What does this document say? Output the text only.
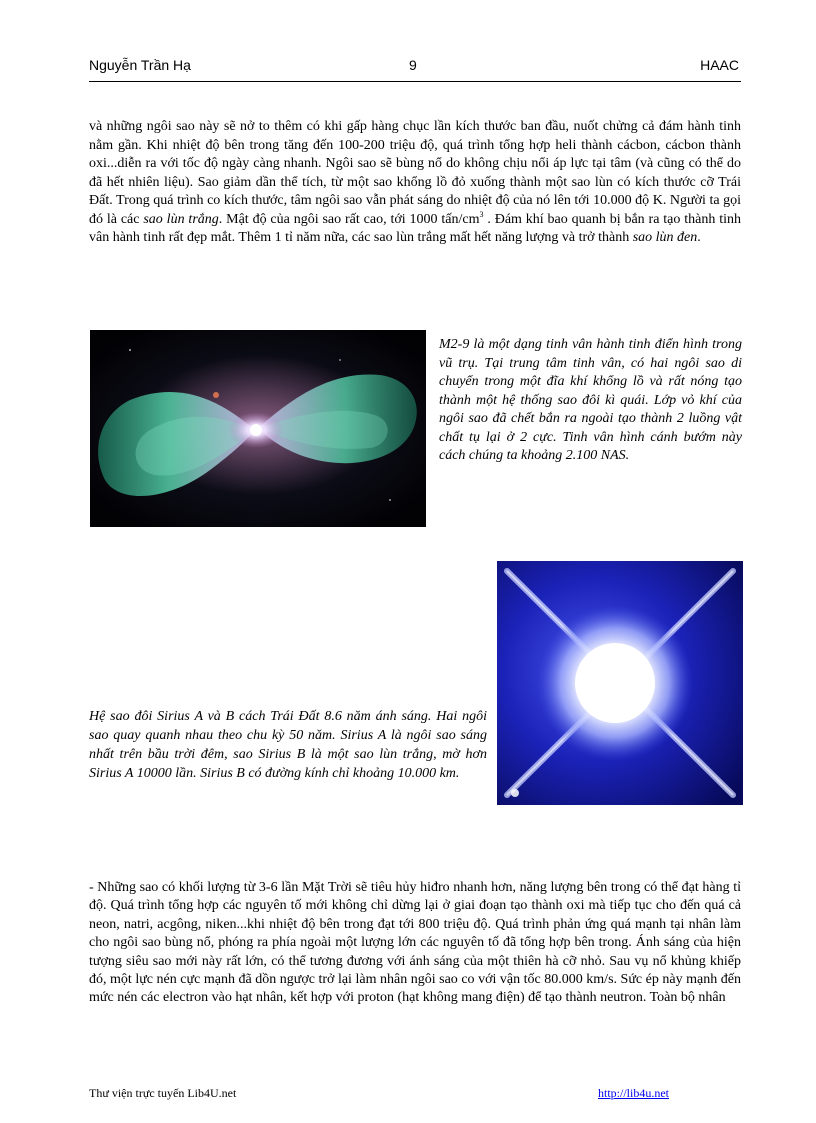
Nguyễn Trần Hạ	9	HAAC

và những ngôi sao này sẽ nở to thêm có khi gấp hàng chục lần kích thước ban đầu, nuốt chửng cả đám hành tinh nằm gần. Khi nhiệt độ bên trong tăng đến 100-200 triệu độ, quá trình tổng hợp heli thành cácbon, cácbon thành oxi...diễn ra với tốc độ ngày càng nhanh. Ngôi sao sẽ bùng nổ do không chịu nổi áp lực tại tâm (và cũng có thể do đã hết nhiên liệu). Sao giảm dần thể tích, từ một sao khổng lồ đỏ xuống thành một sao lùn có kích thước cỡ Trái Đất. Trong quá trình co kích thước, tâm ngôi sao vẫn phát sáng do nhiệt độ của nó lên tới 10.000 độ K. Người ta gọi đó là các sao lùn trắng. Mật độ của ngôi sao rất cao, tới 1000 tấn/$cm^3$ . Đám khí bao quanh bị bắn ra tạo thành tinh vân hành tinh rất đẹp mắt. Thêm 1 tỉ năm nữa, các sao lùn trắng mất hết năng lượng và trở thành sao lùn đen.

M2-9 là một dạng tinh vân hành tinh điển hình trong vũ trụ. Tại trung tâm tinh vân, có hai ngôi sao di chuyển trong một đĩa khí khổng lồ và rất nóng tạo thành một hệ thống sao đôi kì quái. Lớp vỏ khí của ngôi sao đã chết bắn ra ngoài tạo thành 2 luồng vật chất tụ lại ở 2 cực. Tinh vân hình cánh bướm này cách chúng ta khoảng 2.100 NAS.

Hệ sao đôi Sirius A và B cách Trái Đất 8.6 năm ánh sáng. Hai ngôi sao quay quanh nhau theo chu kỳ 50 năm. Sirius A là ngôi sao sáng nhất trên bầu trời đêm, sao Sirius B là một sao lùn trắng, mờ hơn Sirius A 10000 lần. Sirius B có đường kính chỉ khoảng 10.000 km.

- Những sao có khối lượng từ 3-6 lần Mặt Trời sẽ tiêu hủy hiđro nhanh hơn, năng lượng bên trong có thể đạt hàng tỉ độ. Quá trình tổng hợp các nguyên tố mới không chỉ dừng lại ở giai đoạn tạo thành oxi mà tiếp tục cho đến quá cả neon, natri, acgông, niken...khi nhiệt độ bên trong đạt tới 800 triệu độ. Quá trình phản ứng quá mạnh tại nhân làm cho ngôi sao bùng nổ, phóng ra phía ngoài một lượng lớn các nguyên tố đã tổng hợp bên trong. Ánh sáng của hiện tượng siêu sao mới này rất lớn, có thể tương đương với ánh sáng của một thiên hà cỡ nhỏ. Sau vụ nổ khủng khiếp đó, một lực nén cực mạnh đã dồn ngược trở lại làm nhân ngôi sao co với vận tốc 80.000 km/s. Sức ép này mạnh đến mức nén các electron vào hạt nhân, kết hợp với proton (hạt không mang điện) để tạo thành neutron. Toàn bộ nhân

Thư viện trực tuyến Lib4U.net	http://lib4u.net
